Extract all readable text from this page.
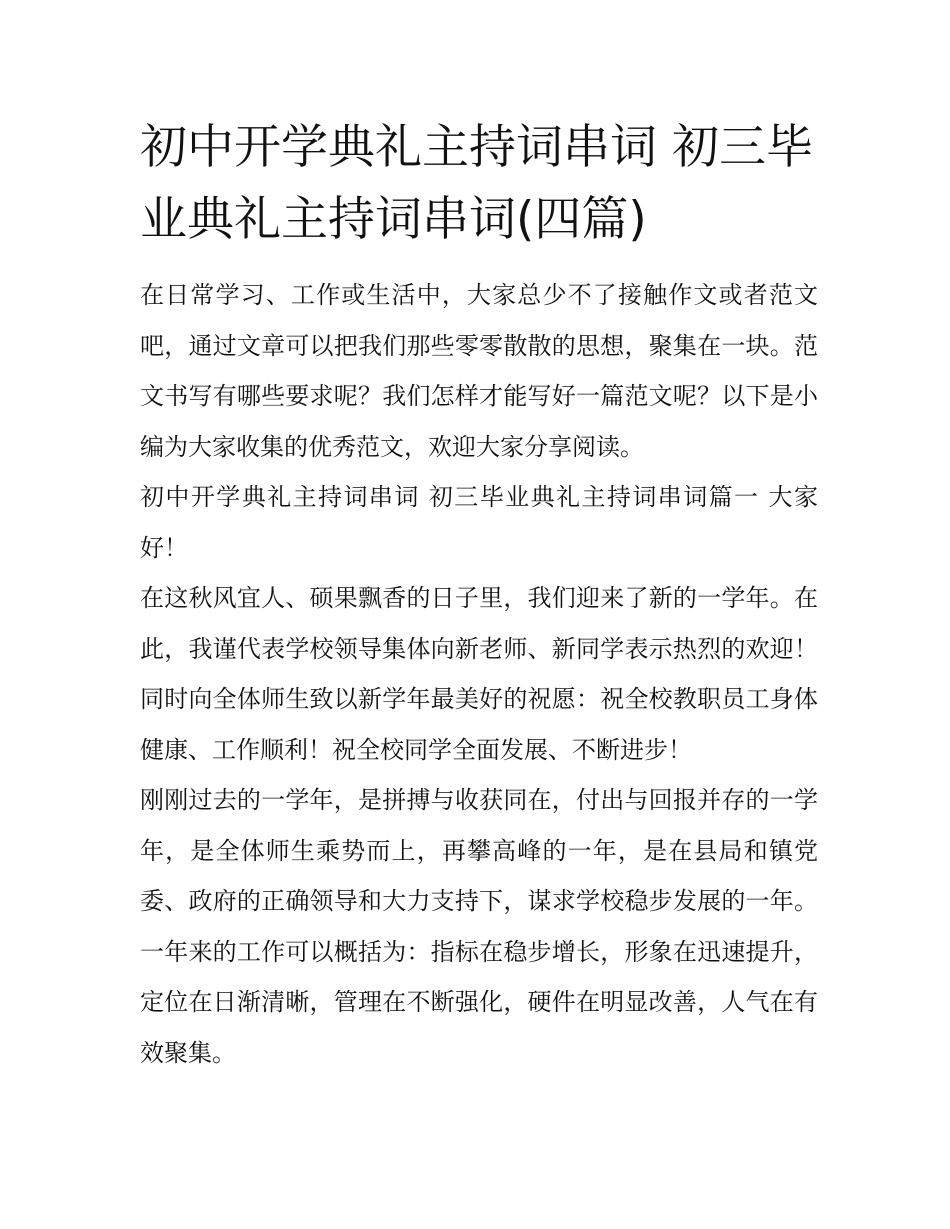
初中开学典礼主持词串词 初三毕业典礼主持词串词(四篇)

在日常学习、工作或生活中，大家总少不了接触作文或者范文吧，通过文章可以把我们那些零零散散的思想，聚集在一块。范文书写有哪些要求呢？我们怎样才能写好一篇范文呢？以下是小编为大家收集的优秀范文，欢迎大家分享阅读。

初中开学典礼主持词串词 初三毕业典礼主持词串词篇一 大家好！

在这秋风宜人、硕果飘香的日子里，我们迎来了新的一学年。在此，我谨代表学校领导集体向新老师、新同学表示热烈的欢迎！同时向全体师生致以新学年最美好的祝愿：祝全校教职员工身体健康、工作顺利！祝全校同学全面发展、不断进步！

刚刚过去的一学年，是拼搏与收获同在，付出与回报并存的一学年，是全体师生乘势而上，再攀高峰的一年，是在县局和镇党委、政府的正确领导和大力支持下，谋求学校稳步发展的一年。一年来的工作可以概括为：指标在稳步增长，形象在迅速提升，定位在日渐清晰，管理在不断强化，硬件在明显改善，人气在有效聚集。
